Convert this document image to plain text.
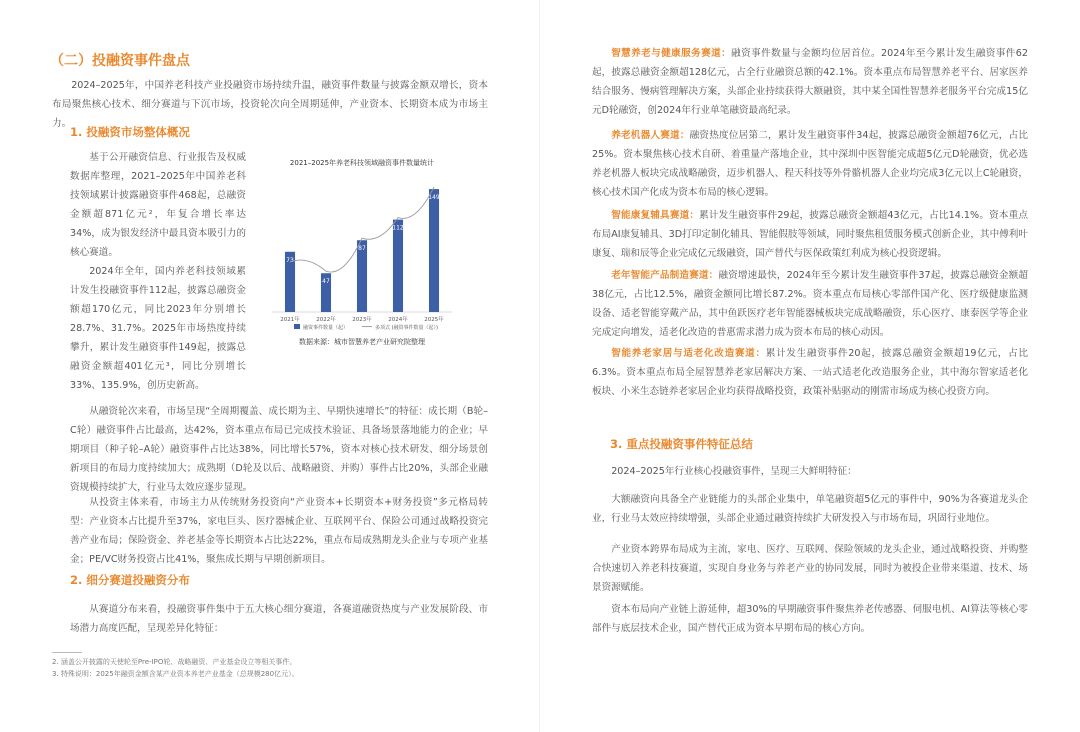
（二）投融资事件盘点

2024–2025年，中国养老科技产业投融资市场持续升温，融资事件数量与披露金额双增长，资本布局聚焦核心技术、细分赛道与下沉市场，投资轮次向全周期延伸，产业资本、长期资本成为市场主力。

1. 投融资市场整体概况

基于公开融资信息、行业报告及权威数据库整理，2021–2025年中国养老科技领域累计披露融资事件468起，总融资金额超871亿元²，年复合增长率达34%，成为银发经济中最具资本吸引力的核心赛道。

2024年全年，国内养老科技领域累计发生投融资事件112起，披露总融资金额超170亿元，同比2023年分别增长28.7%、31.7%。2025年市场热度持续攀升，累计发生融资事件149起，披露总融资金额超401亿元³，同比分别增长33%、135.9%，创历史新高。

2021–2025年养老科技领域融资事件数量统计
73
2021年
47
2022年
87
2023年
112
2024年
149
2025年
融资事件数量（起）	多项式 (融资事件数量（起）)
数据来源：城市智慧养老产业研究院整理

从融资轮次来看，市场呈现“全周期覆盖、成长期为主、早期快速增长”的特征：成长期（B轮–C轮）融资事件占比最高，达42%，资本重点布局已完成技术验证、具备场景落地能力的企业；早期项目（种子轮–A轮）融资事件占比达38%，同比增长57%，资本对核心技术研发、细分场景创新项目的布局力度持续加大；成熟期（D轮及以后、战略融资、并购）事件占比20%，头部企业融资规模持续扩大，行业马太效应逐步显现。

从投资主体来看，市场主力从传统财务投资向“产业资本+长期资本+财务投资”多元格局转型：产业资本占比提升至37%，家电巨头、医疗器械企业、互联网平台、保险公司通过战略投资完善产业布局；保险资金、养老基金等长期资本占比达22%，重点布局成熟期龙头企业与专项产业基金；PE/VC财务投资占比41%，聚焦成长期与早期创新项目。

2. 细分赛道投融资分布

从赛道分布来看，投融资事件集中于五大核心细分赛道，各赛道融资热度与产业发展阶段、市场潜力高度匹配，呈现差异化特征：

2. 涵盖公开披露的天使轮至Pre-IPO轮、战略融资、产业基金设立等相关事件。
3. 特殊说明：2025年融资金额含某产业资本养老产业基金（总规模280亿元）。

智慧养老与健康服务赛道：融资事件数量与金额均位居首位。2024年至今累计发生融资事件62起，披露总融资金额超128亿元，占全行业融资总额的42.1%。资本重点布局智慧养老平台、居家医养结合服务、慢病管理解决方案，头部企业持续获得大额融资，其中某全国性智慧养老服务平台完成15亿元D轮融资，创2024年行业单笔融资最高纪录。

养老机器人赛道：融资热度位居第二，累计发生融资事件34起，披露总融资金额超76亿元，占比25%。资本聚焦核心技术自研、着重量产落地企业，其中深圳中医智能完成超5亿元D轮融资，优必选养老机器人板块完成战略融资，迈步机器人、程天科技等外骨骼机器人企业均完成3亿元以上C轮融资，核心技术国产化成为资本布局的核心逻辑。

智能康复辅具赛道：累计发生融资事件29起，披露总融资金额超43亿元，占比14.1%。资本重点布局AI康复辅具、3D打印定制化辅具、智能假肢等领域，同时聚焦租赁服务模式创新企业，其中傅利叶康复、瑞和辰等企业完成亿元级融资，国产替代与医保政策红利成为核心投资逻辑。

老年智能产品制造赛道：融资增速最快，2024年至今累计发生融资事件37起，披露总融资金额超38亿元，占比12.5%，融资金额同比增长87.2%。资本重点布局核心零部件国产化、医疗级健康监测设备、适老智能穿戴产品，其中鱼跃医疗老年智能器械板块完成战略融资，乐心医疗、康泰医学等企业完成定向增发，适老化改造的普惠需求潜力成为资本布局的核心动因。

智能养老家居与适老化改造赛道：累计发生融资事件20起，披露总融资金额超19亿元，占比6.3%。资本重点布局全屋智慧养老家居解决方案、一站式适老化改造服务企业，其中海尔智家适老化板块、小米生态链养老家居企业均获得战略投资，政策补贴驱动的刚需市场成为核心投资方向。

3. 重点投融资事件特征总结

2024–2025年行业核心投融资事件，呈现三大鲜明特征：

大额融资向具备全产业链能力的头部企业集中，单笔融资超5亿元的事件中，90%为各赛道龙头企业，行业马太效应持续增强，头部企业通过融资持续扩大研发投入与市场布局，巩固行业地位。

产业资本跨界布局成为主流，家电、医疗、互联网、保险领域的龙头企业，通过战略投资、并购整合快速切入养老科技赛道，实现自身业务与养老产业的协同发展，同时为被投企业带来渠道、技术、场景资源赋能。

资本布局向产业链上游延伸，超30%的早期融资事件聚焦养老传感器、伺服电机、AI算法等核心零部件与底层技术企业，国产替代正成为资本早期布局的核心方向。
